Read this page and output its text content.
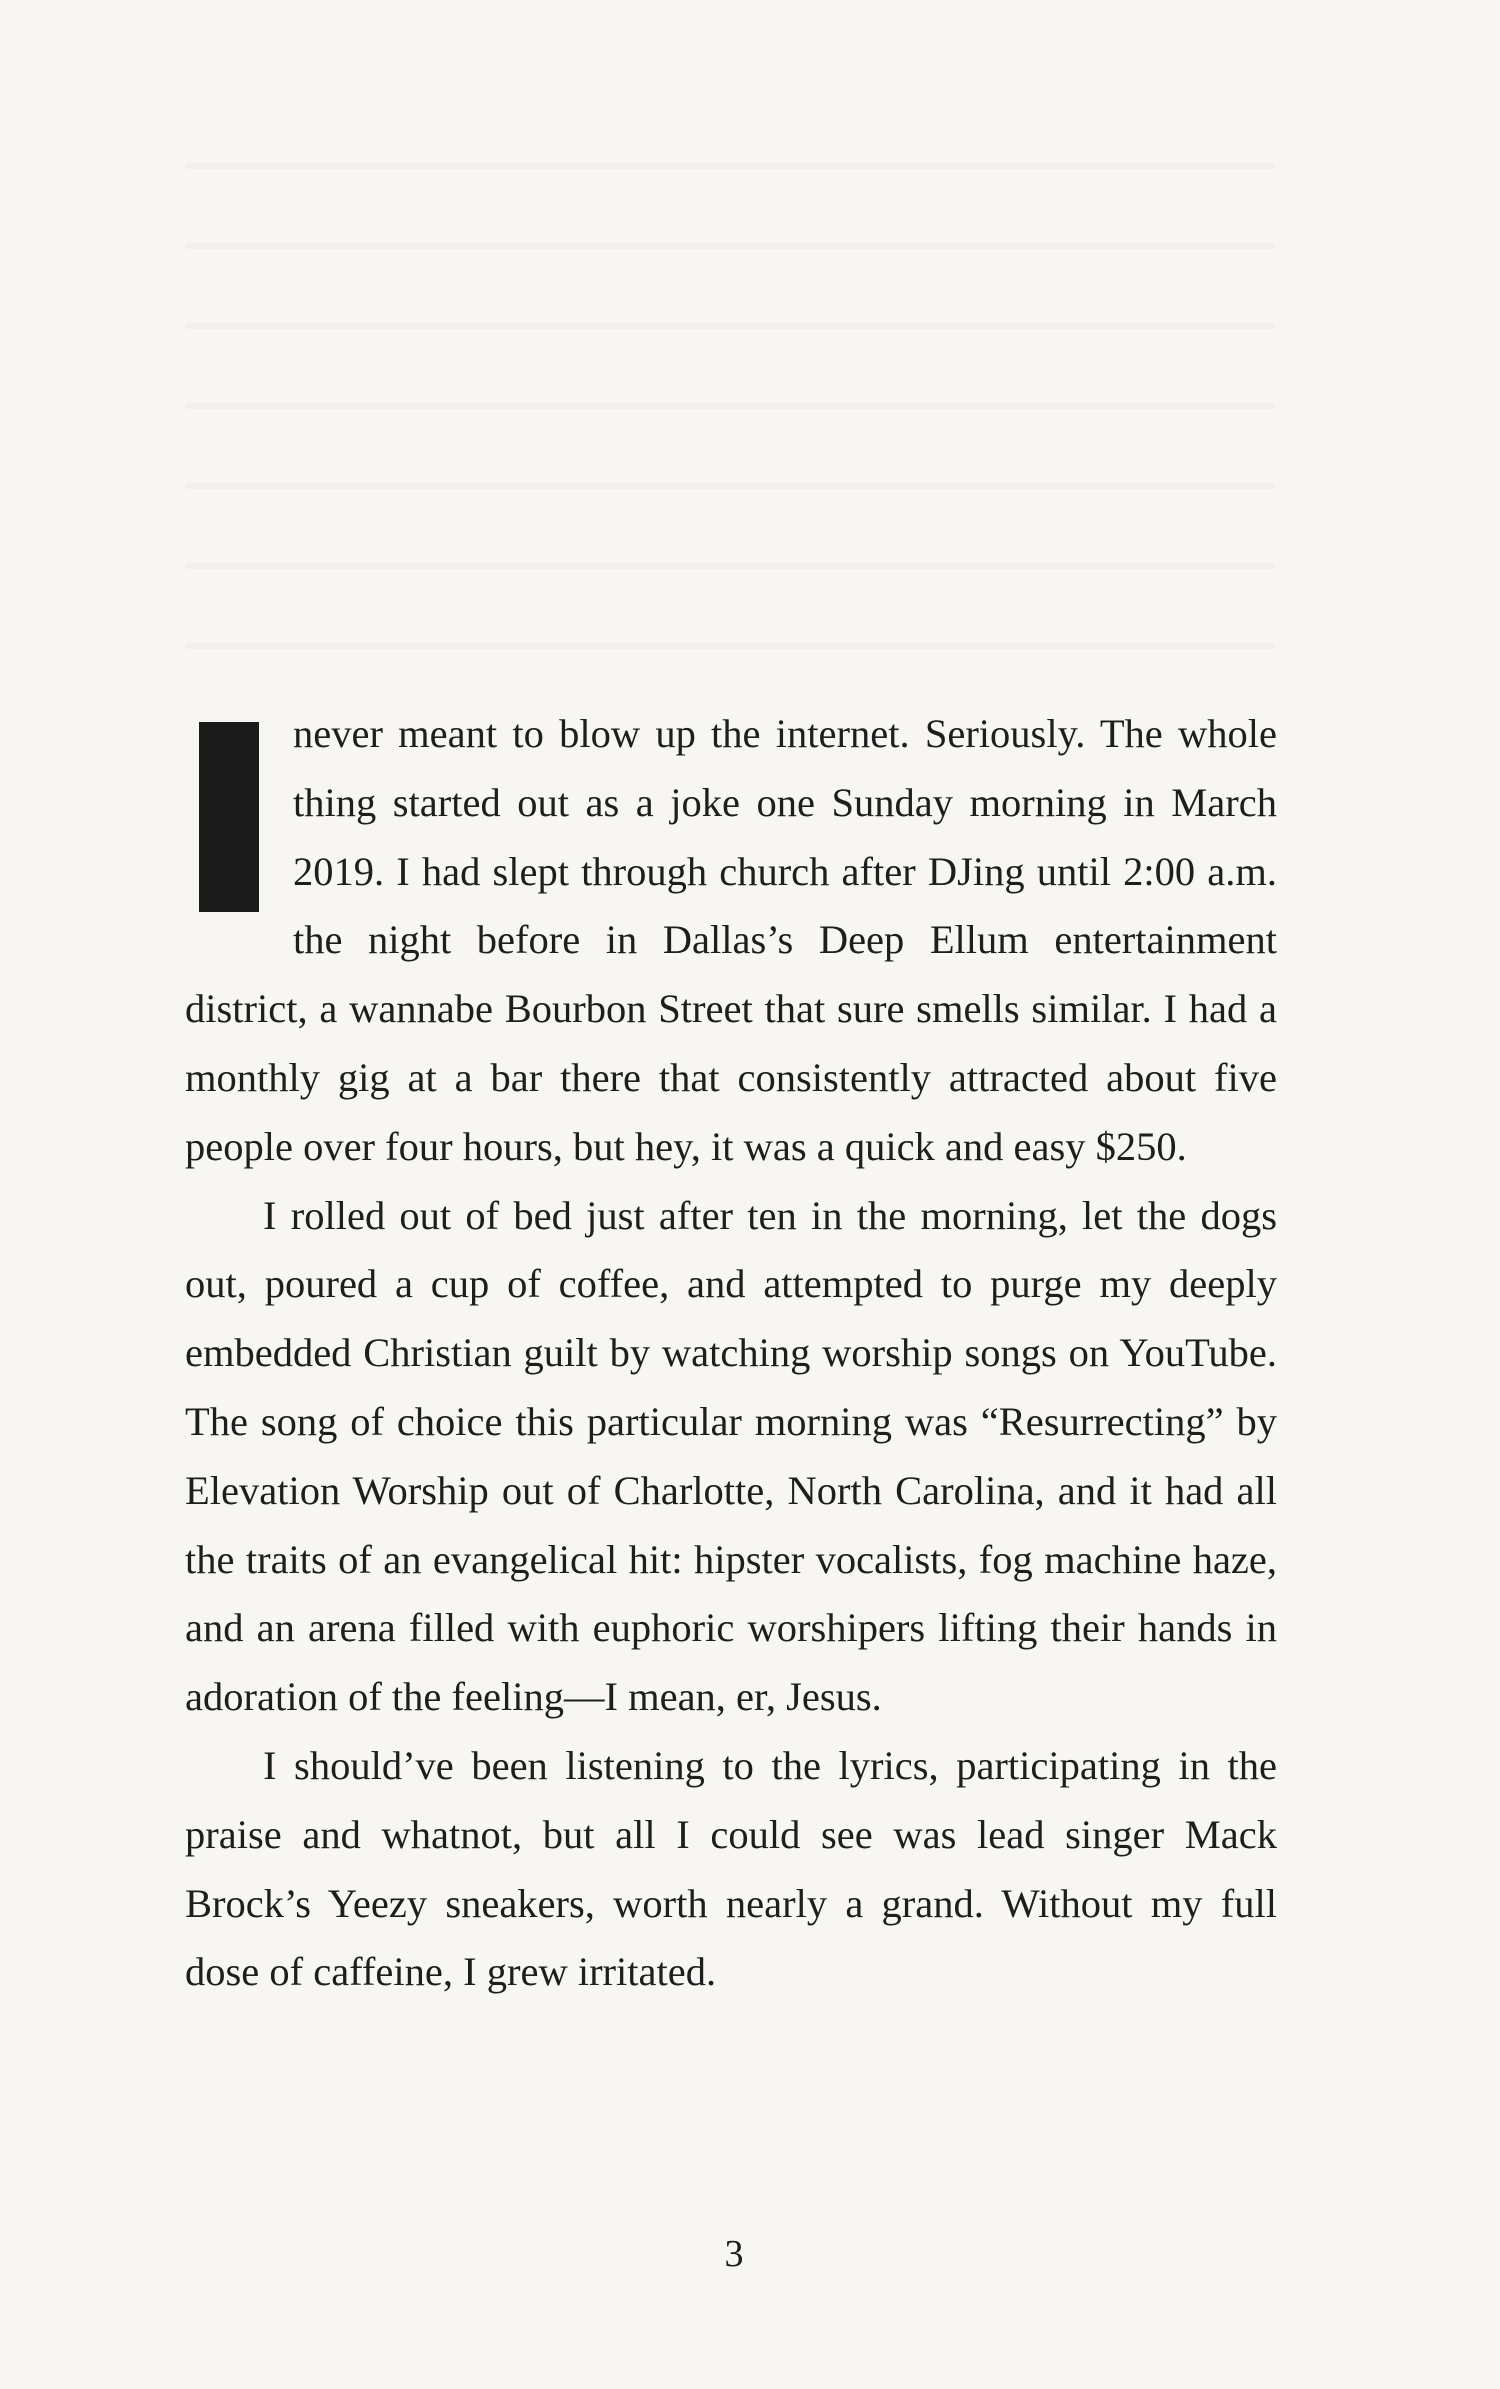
never meant to blow up the internet. Seriously. The whole thing started out as a joke one Sunday morning in March 2019. I had slept through church after DJing until 2:00 a.m. the night before in Dallas’s Deep Ellum entertainment district, a wannabe Bourbon Street that sure smells similar. I had a monthly gig at a bar there that consistently attracted about five people over four hours, but hey, it was a quick and easy $250.

I rolled out of bed just after ten in the morning, let the dogs out, poured a cup of coffee, and attempted to purge my deeply embedded Christian guilt by watching worship songs on YouTube. The song of choice this particular morning was “Resurrecting” by Elevation Worship out of Charlotte, North Carolina, and it had all the traits of an evangelical hit: hipster vocalists, fog machine haze, and an arena filled with euphoric worshipers lifting their hands in adoration of the feeling—I mean, er, Jesus.

I should’ve been listening to the lyrics, participating in the praise and whatnot, but all I could see was lead singer Mack Brock’s Yeezy sneakers, worth nearly a grand. Without my full dose of caffeine, I grew irritated.

3
